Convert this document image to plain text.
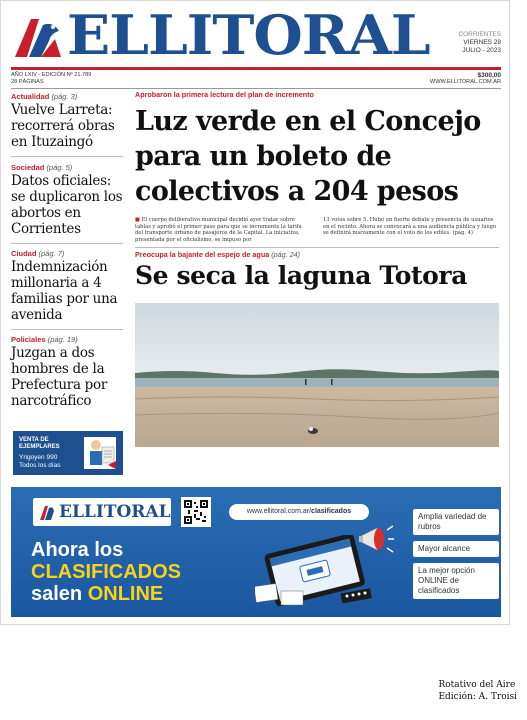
ELLITORAL	CORRIENTES
VIERNES 28
JULIO - 2023
AÑO LXIV - EDICIÓN Nº 21.789
28 PÁGINAS
$300,00
WWW.ELLITORAL.COM.AR
Actualidad (pág. 3)
Vuelve Larreta: recorrerá obras en Ituzaingó
Sociedad (pág. 5)
Datos oficiales: se duplicaron los abortos en Corrientes
Ciudad (pág. 7)
Indemnización millonaria a 4 familias por una avenida
Policiales (pág. 19)
Juzgan a dos hombres de la Prefectura por narcotráfico
VENTA DE
EJEMPLARES
Yrigoyen 990
Todos los días
Aprobaron la primera lectura del plan de incremento
Luz verde en el Concejo para un boleto de colectivos a 204 pesos
■ El cuerpo deliberativo municipal decidió ayer tratar sobre tablas y aprobó el primer paso para que se incremente la tarifa del transporte urbano de pasajeros de la Capital. La iniciativa, presentada por el oficialismo, se impuso por
13 votos sobre 5. Hubo un fuerte debate y presencia de usuarios en el recinto. Ahora se convocará a una audiencia pública y luego se definirá nuevamente con el voto de los ediles. (pág. 4)
Preocupa la bajante del espejo de agua (pág. 24)
Se seca la laguna Totora
ELLITORAL	www.ellitoral.com.ar/clasificados
Ahora los
CLASIFICADOS
salen ONLINE
Amplia variedad de rubros
Mayor alcance
La mejor opción ONLINE de clasificados
Rotativo del Aire
Edición: A. Troisi
